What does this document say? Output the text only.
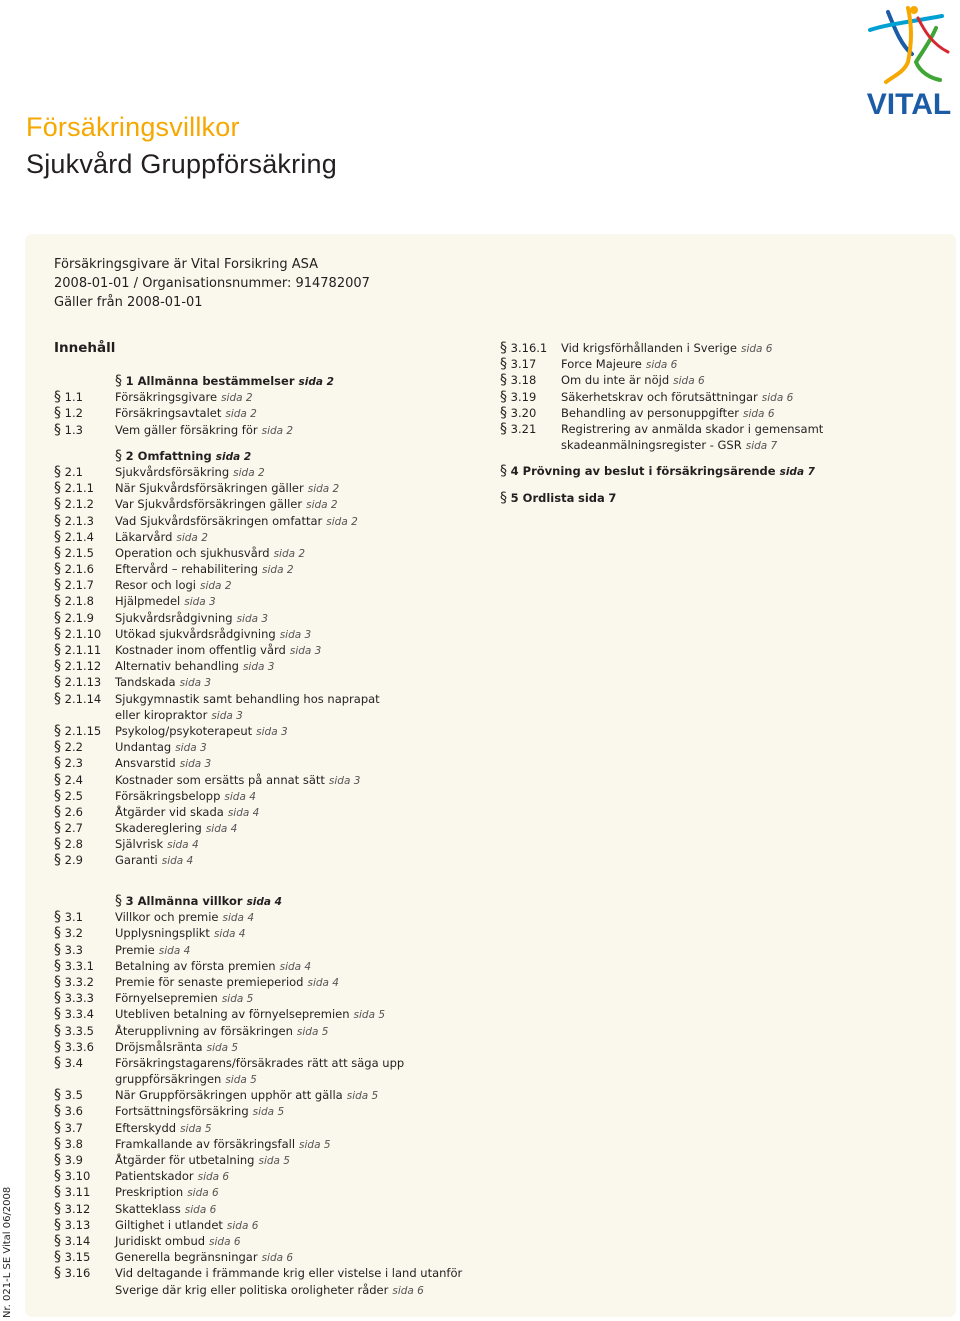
Försäkringsvillkor
Sjukvård Gruppförsäkring
VITAL
Försäkringsgivare är Vital Forsikring ASA
2008-01-01 / Organisationsnummer: 914782007
Gäller från 2008-01-01
Innehåll
§ 1 Allmänna bestämmelser sida 2
§ 1.1	Försäkringsgivare sida 2
§ 1.2	Försäkringsavtalet sida 2
§ 1.3	Vem gäller försäkring för sida 2
§ 2 Omfattning sida 2
§ 2.1	Sjukvårdsförsäkring sida 2
§ 2.1.1 När Sjukvårdsförsäkringen gäller sida 2
§ 2.1.2 Var Sjukvårdsförsäkringen gäller sida 2
§ 2.1.3 Vad Sjukvårdsförsäkringen omfattar sida 2
§ 2.1.4 Läkarvård sida 2
§ 2.1.5 Operation och sjukhusvård sida 2
§ 2.1.6 Eftervård – rehabilitering sida 2
§ 2.1.7 Resor och logi sida 2
§ 2.1.8 Hjälpmedel sida 3
§ 2.1.9 Sjukvårdsrådgivning sida 3
§ 2.1.10 Utökad sjukvårdsrådgivning sida 3
§ 2.1.11 Kostnader inom offentlig vård sida 3
§ 2.1.12 Alternativ behandling sida 3
§ 2.1.13 Tandskada sida 3
§ 2.1.14 Sjukgymnastik samt behandling hos naprapat
eller kiropraktor sida 3
§ 2.1.15 Psykolog/psykoterapeut sida 3
§ 2.2	Undantag sida 3
§ 2.3	Ansvarstid sida 3
§ 2.4	Kostnader som ersätts på annat sätt sida 3
§ 2.5	Försäkringsbelopp sida 4
§ 2.6	Åtgärder vid skada sida 4
§ 2.7	Skadereglering sida 4
§ 2.8	Självrisk sida 4
§ 2.9	Garanti sida 4
§ 3 Allmänna villkor sida 4
§ 3.1	Villkor och premie sida 4
§ 3.2	Upplysningsplikt sida 4
§ 3.3	Premie sida 4
§ 3.3.1 Betalning av första premien sida 4
§ 3.3.2 Premie för senaste premieperiod sida 4
§ 3.3.3 Förnyelsepremien sida 5
§ 3.3.4 Utebliven betalning av förnyelsepremien sida 5
§ 3.3.5 Återupplivning av försäkringen sida 5
§ 3.3.6 Dröjsmålsränta sida 5
§ 3.4	Försäkringstagarens/försäkrades rätt att säga upp
gruppförsäkringen sida 5
§ 3.5	När Gruppförsäkringen upphör att gälla sida 5
§ 3.6	Fortsättningsförsäkring sida 5
§ 3.7	Efterskydd sida 5
§ 3.8	Framkallande av försäkringsfall sida 5
§ 3.9	Åtgärder för utbetalning sida 5
§ 3.10 Patientskador sida 6
§ 3.11 Preskription sida 6
§ 3.12 Skatteklass sida 6
§ 3.13 Giltighet i utlandet sida 6
§ 3.14 Juridiskt ombud sida 6
§ 3.15 Generella begränsningar sida 6
§ 3.16 Vid deltagande i främmande krig eller vistelse i land utanför
Sverige där krig eller politiska oroligheter råder sida 6
§ 3.16.1 Vid krigsförhållanden i Sverige sida 6
§ 3.17 Force Majeure sida 6
§ 3.18 Om du inte är nöjd sida 6
§ 3.19 Säkerhetskrav och förutsättningar sida 6
§ 3.20 Behandling av personuppgifter sida 6
§ 3.21 Registrering av anmälda skador i gemensamt
skadeanmälningsregister - GSR sida 7
§ 4 Prövning av beslut i försäkringsärende sida 7
§ 5 Ordlista sida 7
Nr. 021-L SE Vital 06/2008
